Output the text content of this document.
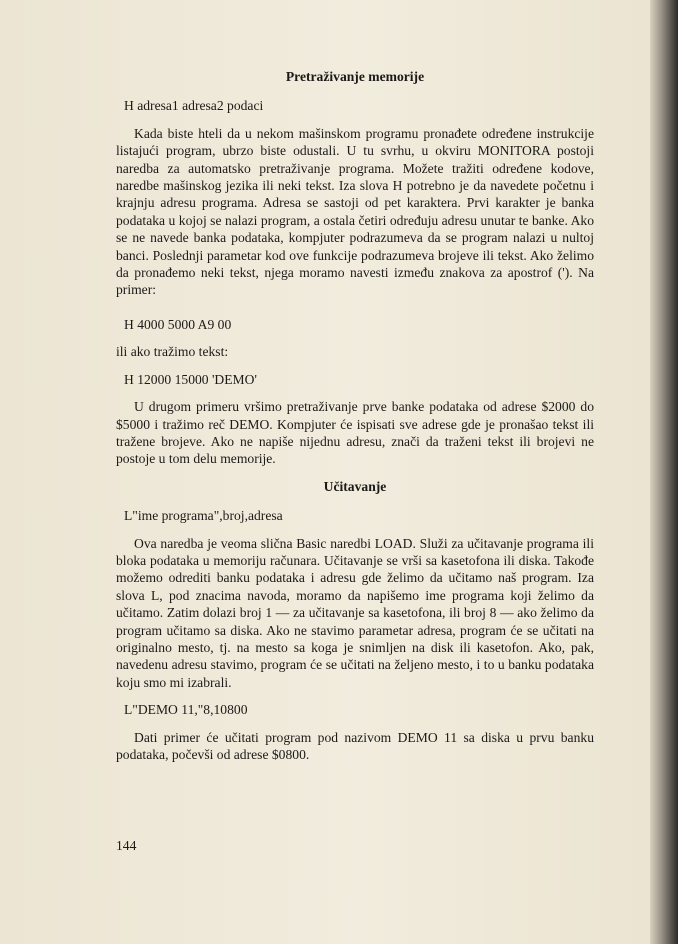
Pretraživanje memorije
H adresa1 adresa2 podaci
Kada biste hteli da u nekom mašinskom programu pronađete određene instrukcije listajući program, ubrzo biste odustali. U tu svrhu, u okviru MONITORA postoji naredba za automatsko pretraživanje programa. Možete tražiti određene kodove, naredbe mašinskog jezika ili neki tekst. Iza slova H potrebno je da navedete početnu i krajnju adresu programa. Adresa se sastoji od pet karaktera. Prvi karakter je banka podataka u kojoj se nalazi program, a ostala četiri određuju adresu unutar te banke. Ako se ne navede banka podataka, kompjuter podrazumeva da se program nalazi u nultoj banci. Poslednji parametar kod ove funkcije podrazumeva brojeve ili tekst. Ako želimo da pronađemo neki tekst, njega moramo navesti između znakova za apostrof ('). Na primer:
H 4000 5000 A9 00
ili ako tražimo tekst:
H 12000 15000 'DEMO'
U drugom primeru vršimo pretraživanje prve banke podataka od adrese $2000 do $5000 i tražimo reč DEMO. Kompjuter će ispisati sve adrese gde je pronašao tekst ili tražene brojeve. Ako ne napiše nijednu adresu, znači da traženi tekst ili brojevi ne postoje u tom delu memorije.
Učitavanje
L"ime programa",broj,adresa
Ova naredba je veoma slična Basic naredbi LOAD. Služi za učitavanje programa ili bloka podataka u memoriju računara. Učitavanje se vrši sa kasetofona ili diska. Takođe možemo odrediti banku podataka i adresu gde želimo da učitamo naš program. Iza slova L, pod znacima navoda, moramo da napišemo ime programa koji želimo da učitamo. Zatim dolazi broj 1 — za učitavanje sa kasetofona, ili broj 8 — ako želimo da program učitamo sa diska. Ako ne stavimo parametar adresa, program će se učitati na originalno mesto, tj. na mesto sa koga je snimljen na disk ili kasetofon. Ako, pak, navedenu adresu stavimo, program će se učitati na željeno mesto, i to u banku podataka koju smo mi izabrali.
L"DEMO 11,"8,10800
Dati primer će učitati program pod nazivom DEMO 11 sa diska u prvu banku podataka, počevši od adrese $0800.
144
